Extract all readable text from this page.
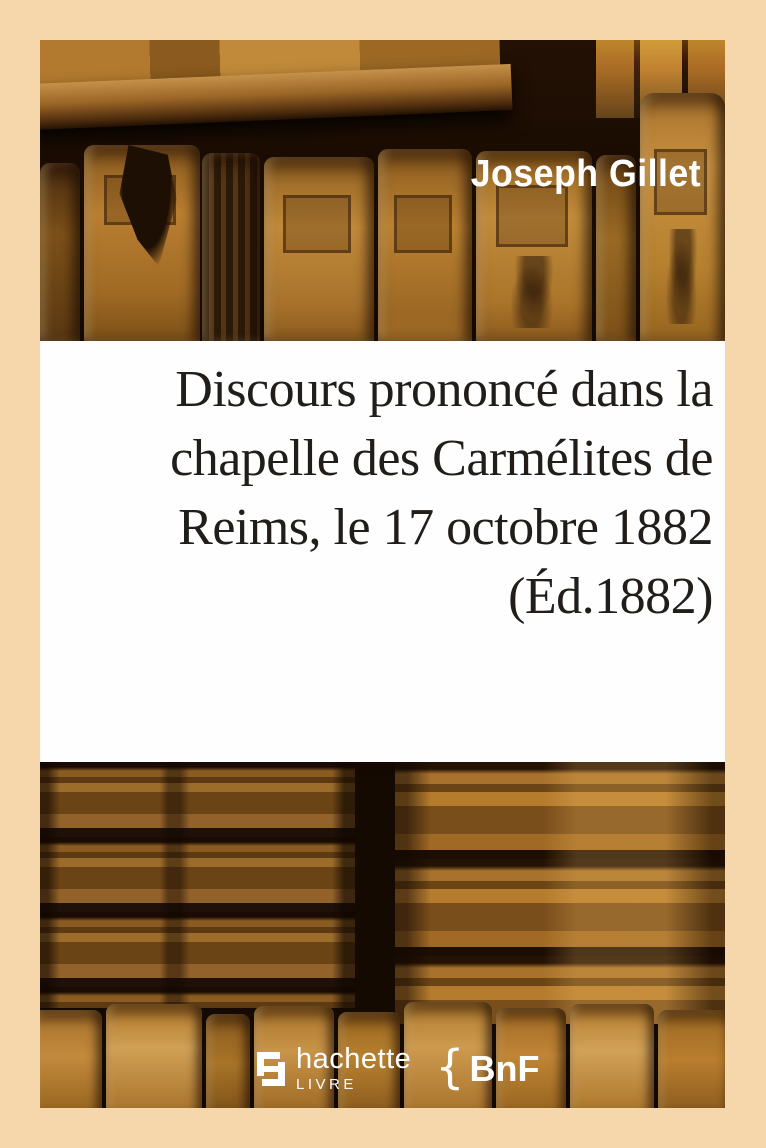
Joseph Gillet
Discours prononcé dans la
chapelle des Carmélites de
Reims, le 17 octobre 1882
(Éd.1882)
hachette
LIVRE	{ BnF
